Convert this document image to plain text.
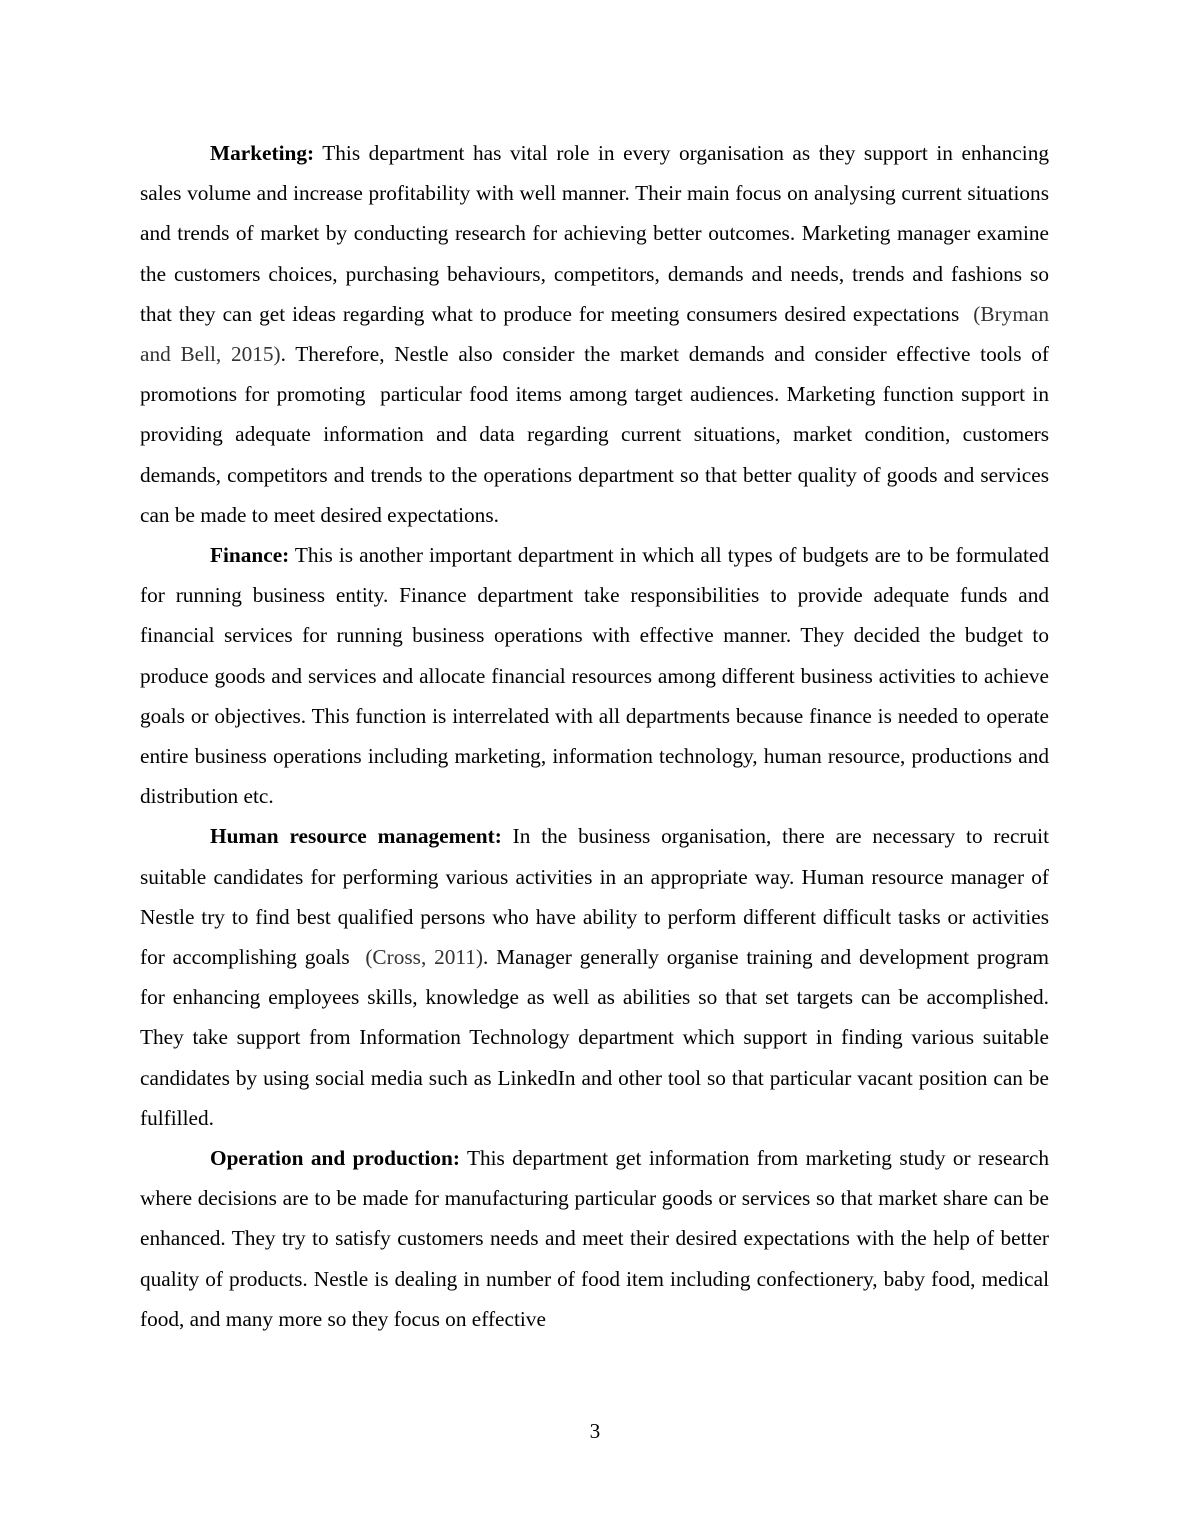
Marketing: This department has vital role in every organisation as they support in enhancing sales volume and increase profitability with well manner. Their main focus on analysing current situations and trends of market by conducting research for achieving better outcomes. Marketing manager examine the customers choices, purchasing behaviours, competitors, demands and needs, trends and fashions so that they can get ideas regarding what to produce for meeting consumers desired expectations  (Bryman and Bell, 2015). Therefore, Nestle also consider the market demands and consider effective tools of promotions for promoting  particular food items among target audiences. Marketing function support in providing adequate information and data regarding current situations, market condition, customers demands, competitors and trends to the operations department so that better quality of goods and services can be made to meet desired expectations.

Finance: This is another important department in which all types of budgets are to be formulated for running business entity. Finance department take responsibilities to provide adequate funds and financial services for running business operations with effective manner. They decided the budget to produce goods and services and allocate financial resources among different business activities to achieve goals or objectives. This function is interrelated with all departments because finance is needed to operate entire business operations including marketing, information technology, human resource, productions and distribution etc.

Human resource management: In the business organisation, there are necessary to recruit suitable candidates for performing various activities in an appropriate way. Human resource manager of Nestle try to find best qualified persons who have ability to perform different difficult tasks or activities for accomplishing goals  (Cross, 2011). Manager generally organise training and development program for enhancing employees skills, knowledge as well as abilities so that set targets can be accomplished. They take support from Information Technology department which support in finding various suitable candidates by using social media such as LinkedIn and other tool so that particular vacant position can be fulfilled.

Operation and production: This department get information from marketing study or research where decisions are to be made for manufacturing particular goods or services so that market share can be enhanced. They try to satisfy customers needs and meet their desired expectations with the help of better quality of products. Nestle is dealing in number of food item including confectionery, baby food, medical food, and many more so they focus on effective

3
